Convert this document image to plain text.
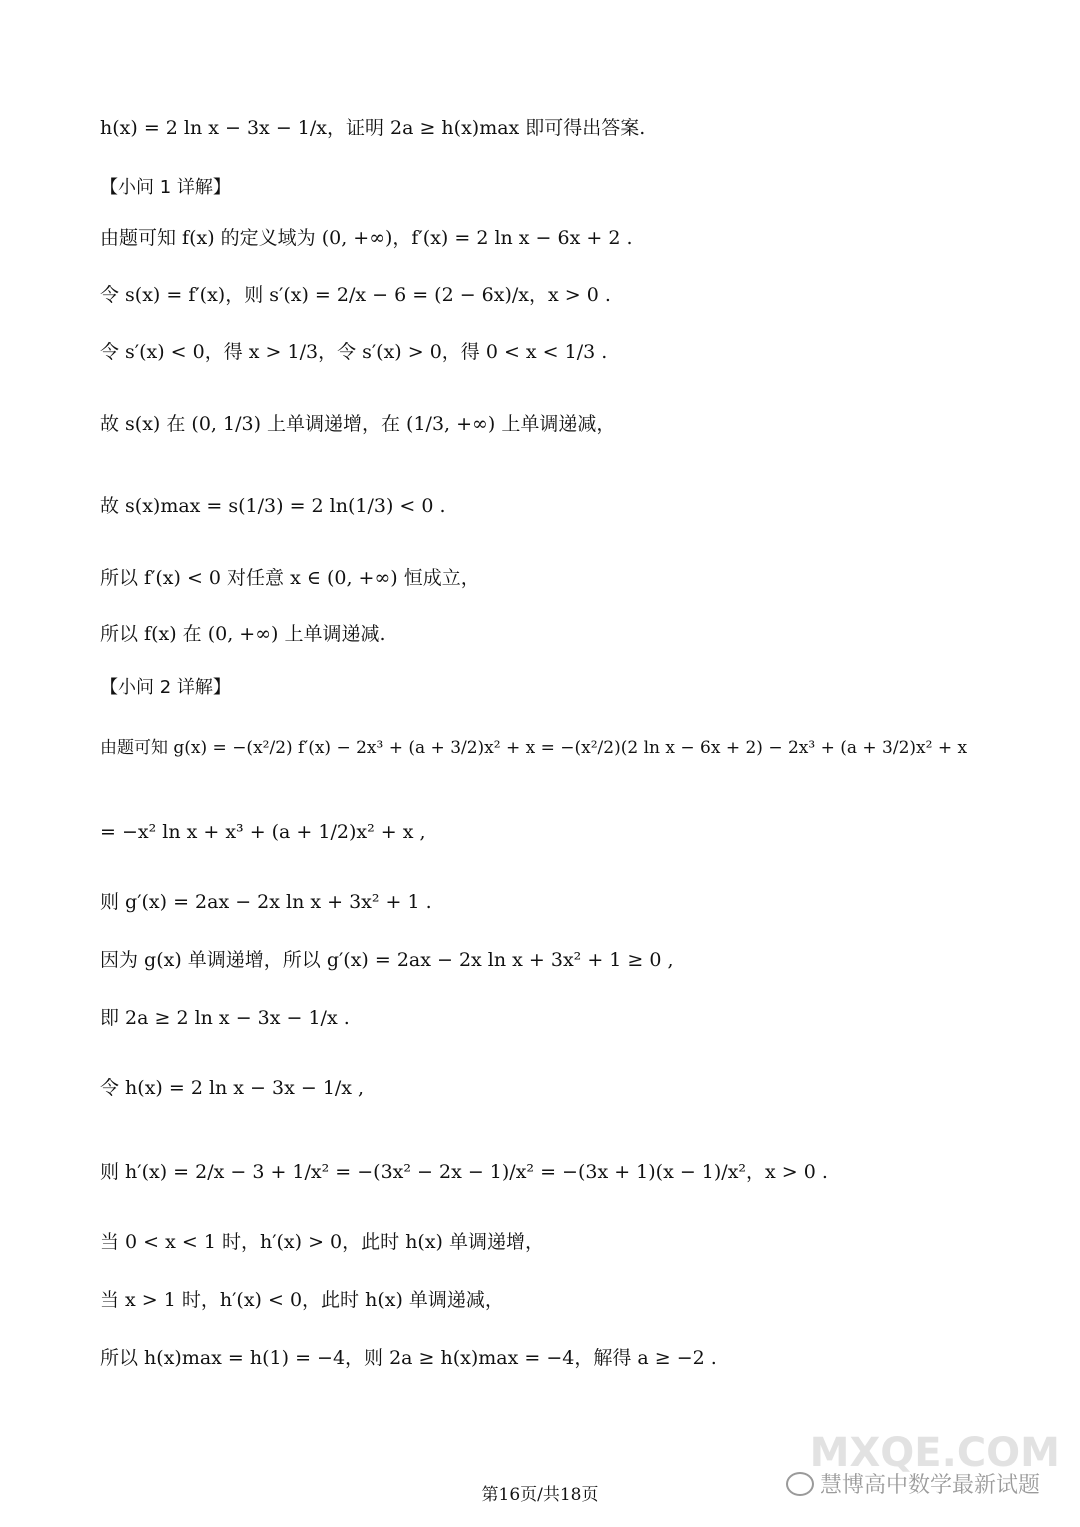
h(x) = 2 ln x − 3x − 1/x，证明 2a ≥ h(x)max 即可得出答案.
【小问 1 详解】
由题可知 f(x) 的定义域为 (0, +∞)，f′(x) = 2 ln x − 6x + 2 .
令 s(x) = f′(x)，则 s′(x) = 2/x − 6 = (2 − 6x)/x，x > 0 .
令 s′(x) < 0，得 x > 1/3，令 s′(x) > 0，得 0 < x < 1/3 .
故 s(x) 在 (0, 1/3) 上单调递增，在 (1/3, +∞) 上单调递减，
故 s(x)max = s(1/3) = 2 ln(1/3) < 0 .
所以 f′(x) < 0 对任意 x ∈ (0, +∞) 恒成立，
所以 f(x) 在 (0, +∞) 上单调递减.
【小问 2 详解】
由题可知 g(x) = −(x²/2) f′(x) − 2x³ + (a + 3/2)x² + x = −(x²/2)(2 ln x − 6x + 2) − 2x³ + (a + 3/2)x² + x
= −x² ln x + x³ + (a + 1/2)x² + x ,
则 g′(x) = 2ax − 2x ln x + 3x² + 1 .
因为 g(x) 单调递增，所以 g′(x) = 2ax − 2x ln x + 3x² + 1 ≥ 0 ,
即 2a ≥ 2 ln x − 3x − 1/x .
令 h(x) = 2 ln x − 3x − 1/x ,
则 h′(x) = 2/x − 3 + 1/x² = −(3x² − 2x − 1)/x² = −(3x + 1)(x − 1)/x²，x > 0 .
当 0 < x < 1 时，h′(x) > 0，此时 h(x) 单调递增，
当 x > 1 时，h′(x) < 0，此时 h(x) 单调递减，
所以 h(x)max = h(1) = −4，则 2a ≥ h(x)max = −4，解得 a ≥ −2 .
MXQE.COM
第16页/共18页	慧博高中数学最新试题
